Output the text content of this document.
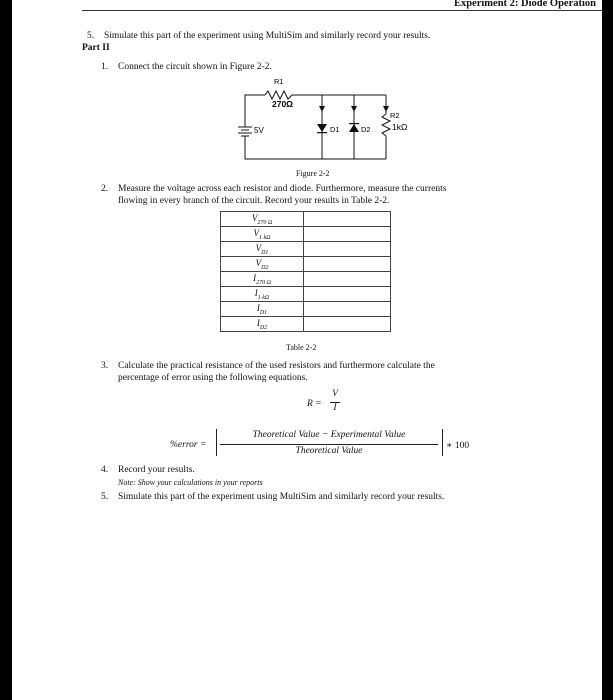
Experiment 2: Diode Operation
5. Simulate this part of the experiment using MultiSim and similarly record your results.
Part II
1. Connect the circuit shown in Figure 2-2.
R1
270Ω
5V	D1	D2
R2
1kΩ
Figure 2-2
2. Measure the voltage across each resistor and diode. Furthermore, measure the currents
flowing in every branch of the circuit. Record your results in Table 2-2.
$V_{270 \Omega}$	
$V_{1 k\Omega}$	
$V_{D1}$	
$V_{D2}$	
$I_{270 \Omega}$	
$I_{1 k\Omega}$	
$I_{D1}$	
$I_{D2}$	
Table 2-2
3. Calculate the practical resistance of the used resistors and furthermore calculate the
percentage of error using the following equations.
R =
V
I
%error =
Theoretical Value − Experimental Value
Theoretical Value	∗ 100
4. Record your results.
Note: Show your calculations in your reports
5. Simulate this part of the experiment using MultiSim and similarly record your results.
